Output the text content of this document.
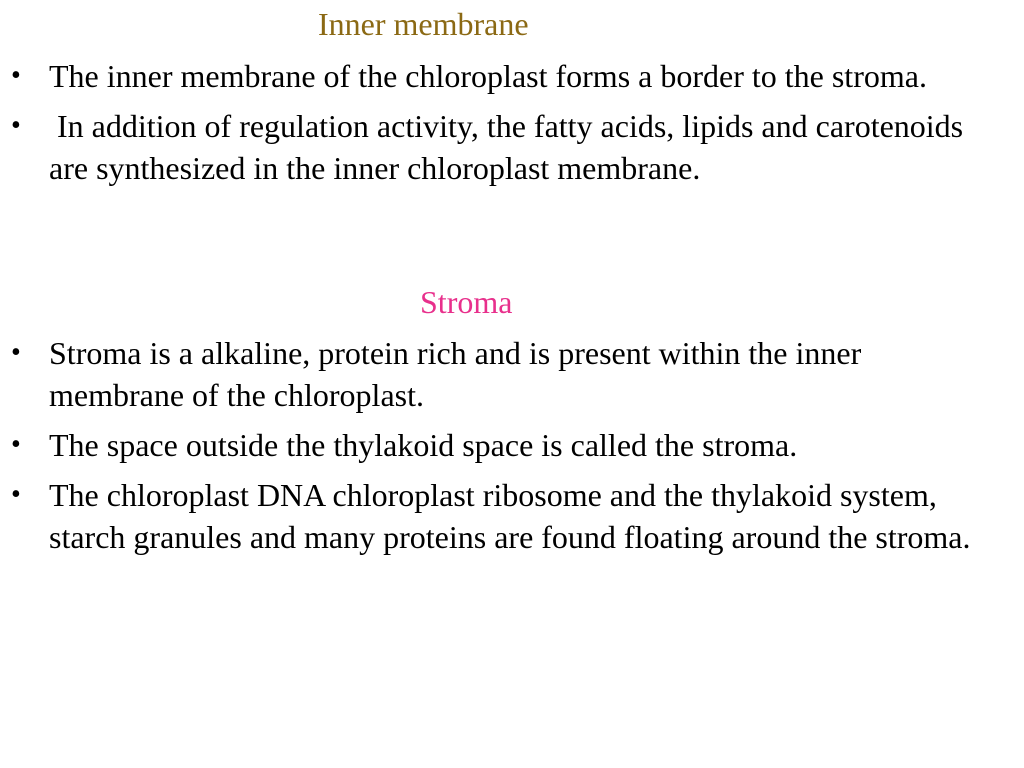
Inner membrane
• The inner membrane of the chloroplast forms a border to the stroma.
• In addition of regulation activity, the fatty acids, lipids and carotenoids are synthesized in the inner chloroplast membrane.
Stroma
• Stroma is a alkaline, protein rich and is present within the inner membrane of the chloroplast.
• The space outside the thylakoid space is called the stroma.
• The chloroplast DNA chloroplast ribosome and the thylakoid system, starch granules and many proteins are found floating around the stroma.
